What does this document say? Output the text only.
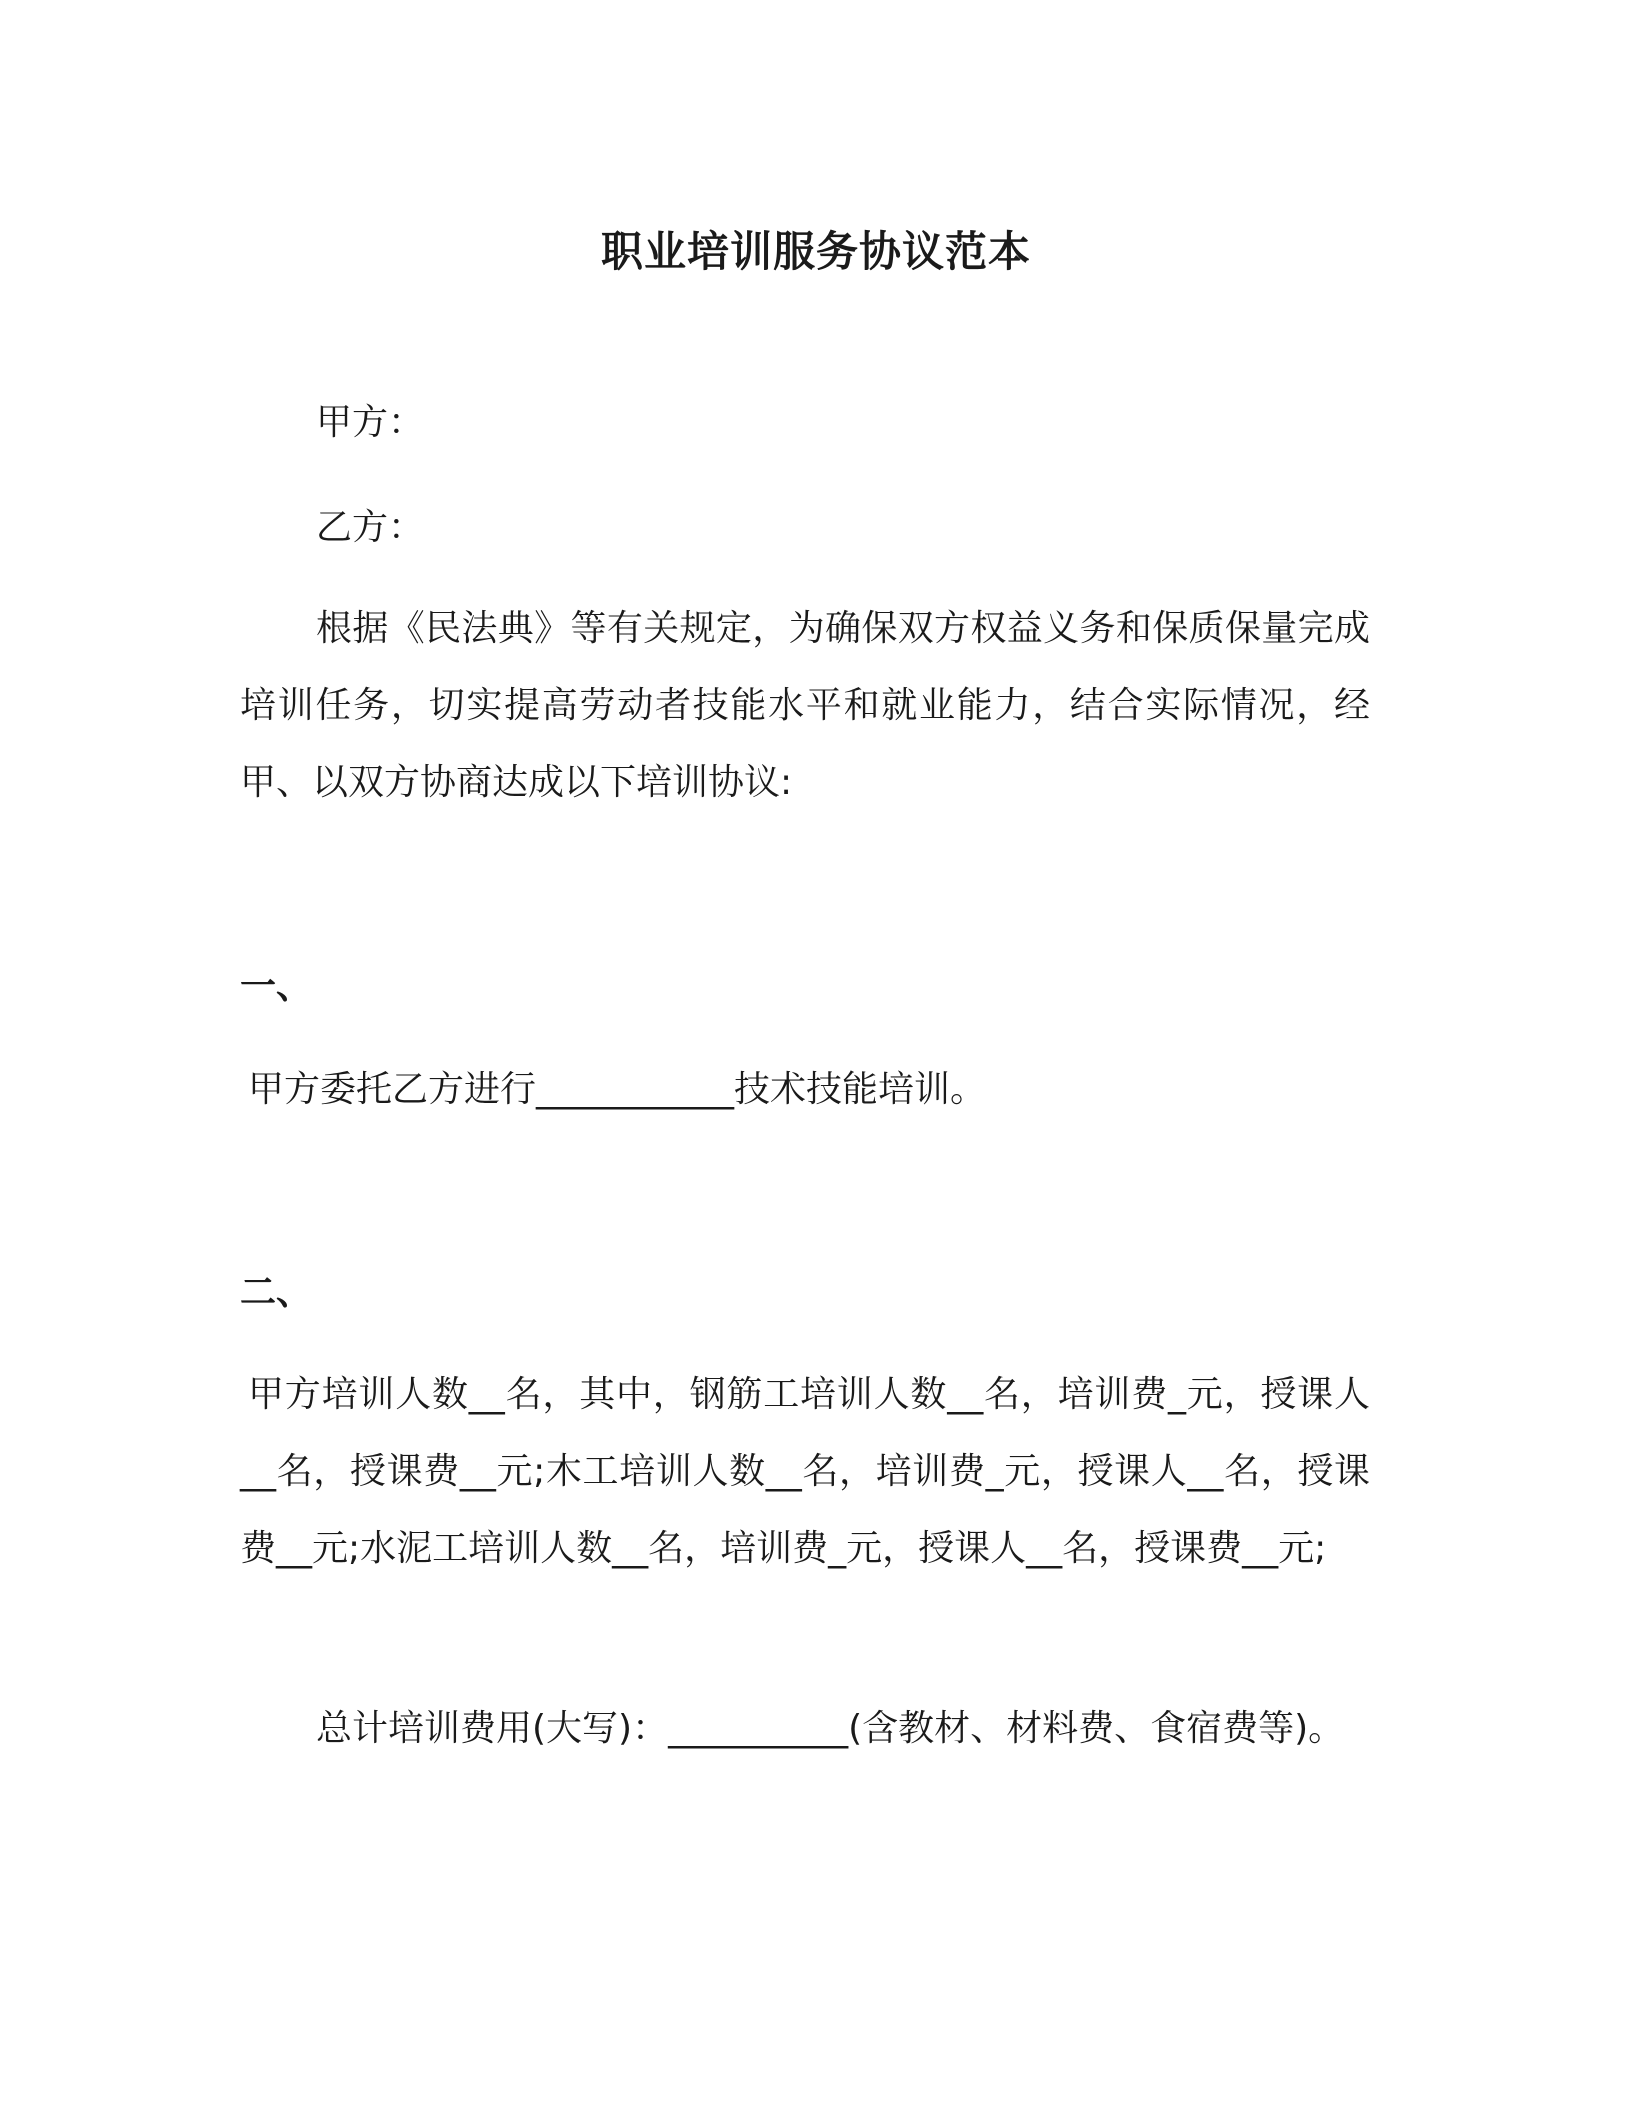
职业培训服务协议范本
甲方：
乙方：
根据《民法典》等有关规定，为确保双方权益义务和保质保量完成培训任务，切实提高劳动者技能水平和就业能力，结合实际情况，经甲、以双方协商达成以下培训协议:
一、
甲方委托乙方进行___________技术技能培训。
二、
甲方培训人数__名，其中，钢筋工培训人数__名，培训费_元，授课人__名，授课费__元;木工培训人数__名，培训费_元，授课人__名，授课费__元;水泥工培训人数__名，培训费_元，授课人__名，授课费__元;
总计培训费用(大写)：__________(含教材、材料费、食宿费等)。
